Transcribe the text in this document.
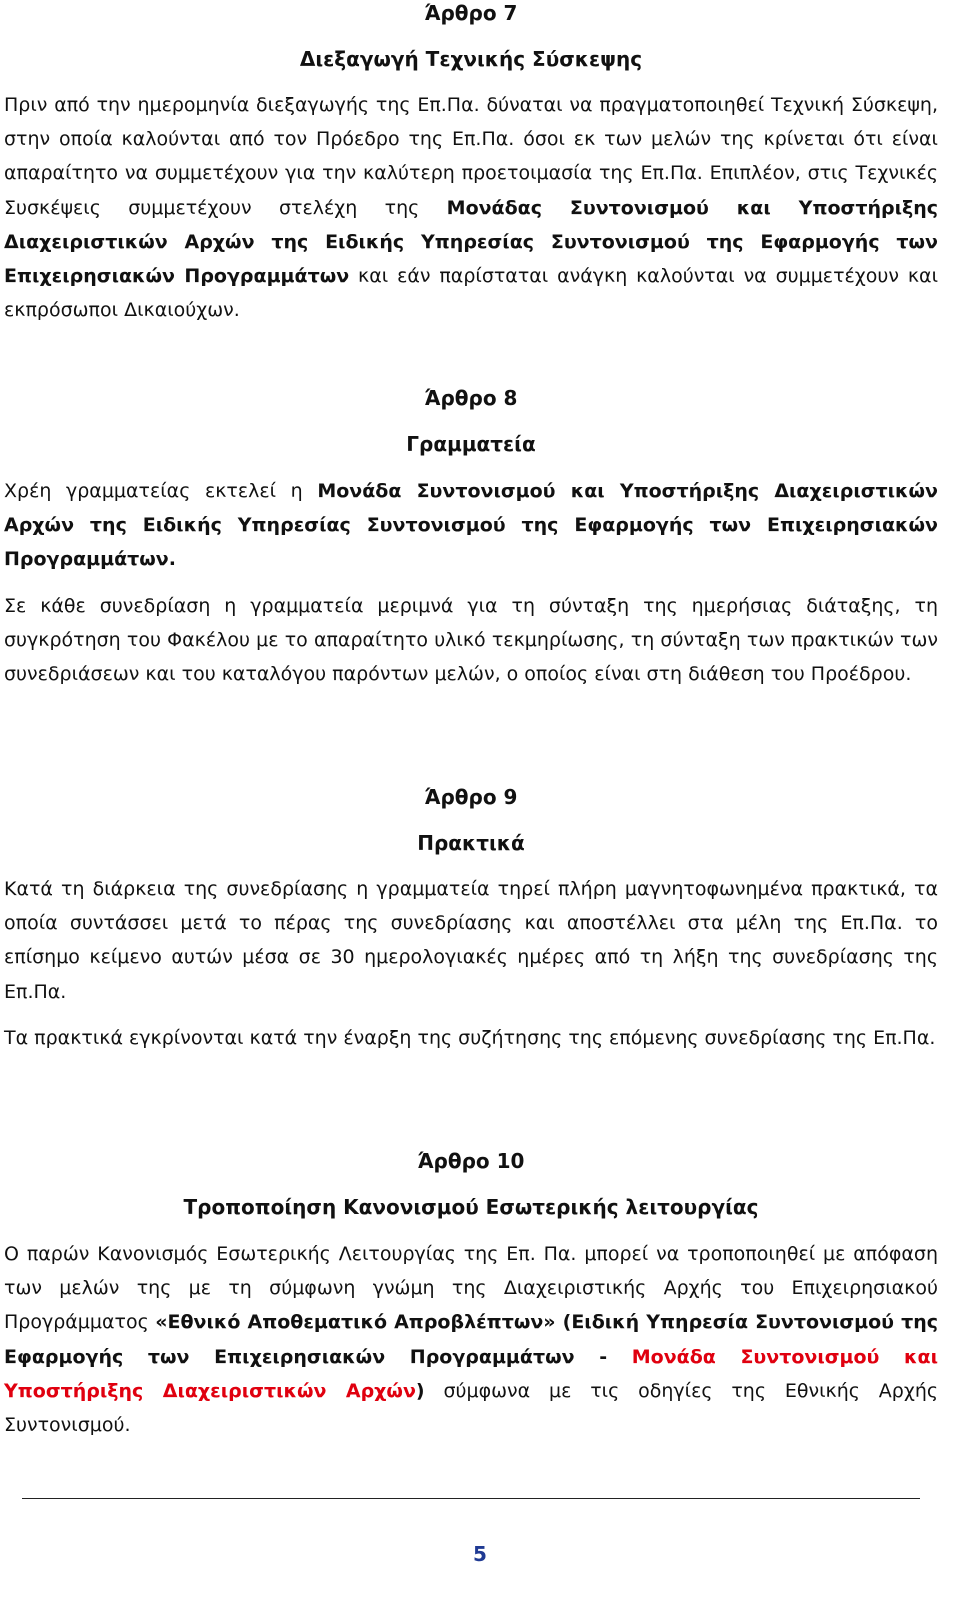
Άρθρο 7
Διεξαγωγή Τεχνικής Σύσκεψης

Πριν από την ημερομηνία διεξαγωγής της Επ.Πα. δύναται να πραγματοποιηθεί Τεχνική Σύσκεψη, στην οποία καλούνται από τον Πρόεδρο της Επ.Πα. όσοι εκ των μελών της κρίνεται ότι είναι απαραίτητο να συμμετέχουν για την καλύτερη προετοιμασία της Επ.Πα. Επιπλέον, στις Τεχνικές Συσκέψεις συμμετέχουν στελέχη της Μονάδας Συντονισμού και Υποστήριξης Διαχειριστικών Αρχών της Ειδικής Υπηρεσίας Συντονισμού της Εφαρμογής των Επιχειρησιακών Προγραμμάτων και εάν παρίσταται ανάγκη καλούνται να συμμετέχουν και εκπρόσωποι Δικαιούχων.

Άρθρο 8
Γραμματεία

Χρέη γραμματείας εκτελεί η Μονάδα Συντονισμού και Υποστήριξης Διαχειριστικών Αρχών της Ειδικής Υπηρεσίας Συντονισμού της Εφαρμογής των Επιχειρησιακών Προγραμμάτων.

Σε κάθε συνεδρίαση η γραμματεία μεριμνά για τη σύνταξη της ημερήσιας διάταξης, τη συγκρότηση του Φακέλου με το απαραίτητο υλικό τεκμηρίωσης, τη σύνταξη των πρακτικών των συνεδριάσεων και του καταλόγου παρόντων μελών, ο οποίος είναι στη διάθεση του Προέδρου.

Άρθρο 9
Πρακτικά

Κατά τη διάρκεια της συνεδρίασης η γραμματεία τηρεί πλήρη μαγνητοφωνημένα πρακτικά, τα οποία συντάσσει μετά το πέρας της συνεδρίασης και αποστέλλει στα μέλη της Επ.Πα. το επίσημο κείμενο αυτών μέσα σε 30 ημερολογιακές ημέρες από τη λήξη της συνεδρίασης της Επ.Πα.

Τα πρακτικά εγκρίνονται κατά την έναρξη της συζήτησης της επόμενης συνεδρίασης της Επ.Πα.

Άρθρο 10
Τροποποίηση Κανονισμού Εσωτερικής λειτουργίας

Ο παρών Κανονισμός Εσωτερικής Λειτουργίας της Επ. Πα. μπορεί να τροποποιηθεί με απόφαση των μελών της με τη σύμφωνη γνώμη της Διαχειριστικής Αρχής του Επιχειρησιακού Προγράμματος «Εθνικό Αποθεματικό Απροβλέπτων» (Ειδική Υπηρεσία Συντονισμού της Εφαρμογής των Επιχειρησιακών Προγραμμάτων - Μονάδα Συντονισμού και Υποστήριξης Διαχειριστικών Αρχών) σύμφωνα με τις οδηγίες της Εθνικής Αρχής Συντονισμού.

5
